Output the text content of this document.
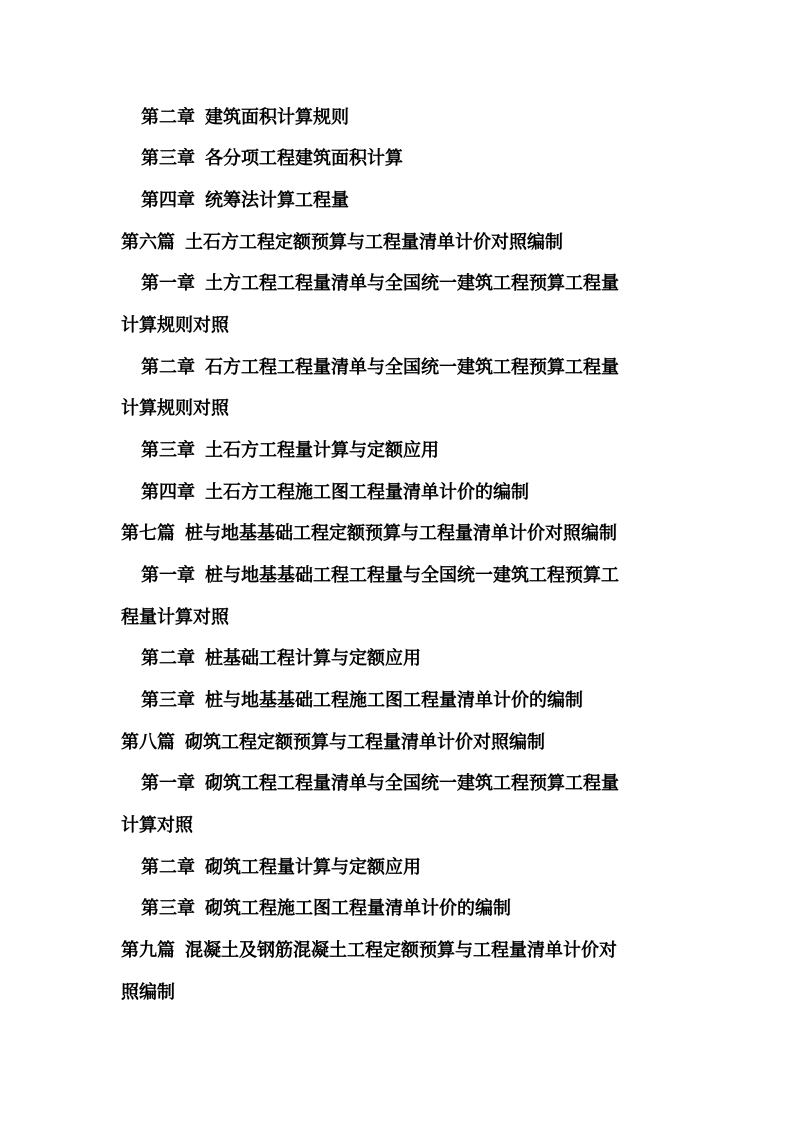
第二章 建筑面积计算规则
第三章 各分项工程建筑面积计算
第四章 统筹法计算工程量
第六篇 土石方工程定额预算与工程量清单计价对照编制
第一章 土方工程工程量清单与全国统一建筑工程预算工程量
计算规则对照
第二章 石方工程工程量清单与全国统一建筑工程预算工程量
计算规则对照
第三章 土石方工程量计算与定额应用
第四章 土石方工程施工图工程量清单计价的编制
第七篇 桩与地基基础工程定额预算与工程量清单计价对照编制
第一章 桩与地基基础工程工程量与全国统一建筑工程预算工
程量计算对照
第二章 桩基础工程计算与定额应用
第三章 桩与地基基础工程施工图工程量清单计价的编制
第八篇 砌筑工程定额预算与工程量清单计价对照编制
第一章 砌筑工程工程量清单与全国统一建筑工程预算工程量
计算对照
第二章 砌筑工程量计算与定额应用
第三章 砌筑工程施工图工程量清单计价的编制
第九篇 混凝土及钢筋混凝土工程定额预算与工程量清单计价对
照编制
